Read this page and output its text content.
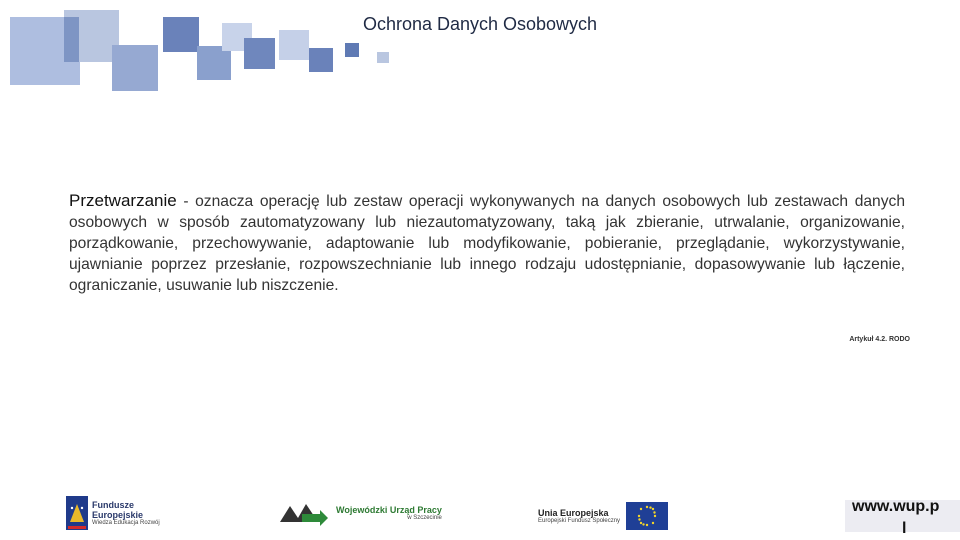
Ochrona Danych Osobowych
Przetwarzanie - oznacza operację lub zestaw operacji wykonywanych na danych osobowych lub zestawach danych osobowych w sposób zautomatyzowany lub niezautomatyzowany, taką jak zbieranie, utrwalanie, organizowanie, porządkowanie, przechowywanie, adaptowanie lub modyfikowanie, pobieranie, przeglądanie, wykorzystywanie, ujawnianie poprzez przesłanie, rozpowszechnianie lub innego rodzaju udostępnianie, dopasowywanie lub łączenie, ograniczanie, usuwanie lub niszczenie.
Artykuł 4.2. RODO
Fundusze
Europejskie
Wiedza Edukacja Rozwój
Wojewódzki Urząd Pracy
w Szczecinie	Unia Europejska
Europejski Fundusz Społeczny
www.wup.p
l
